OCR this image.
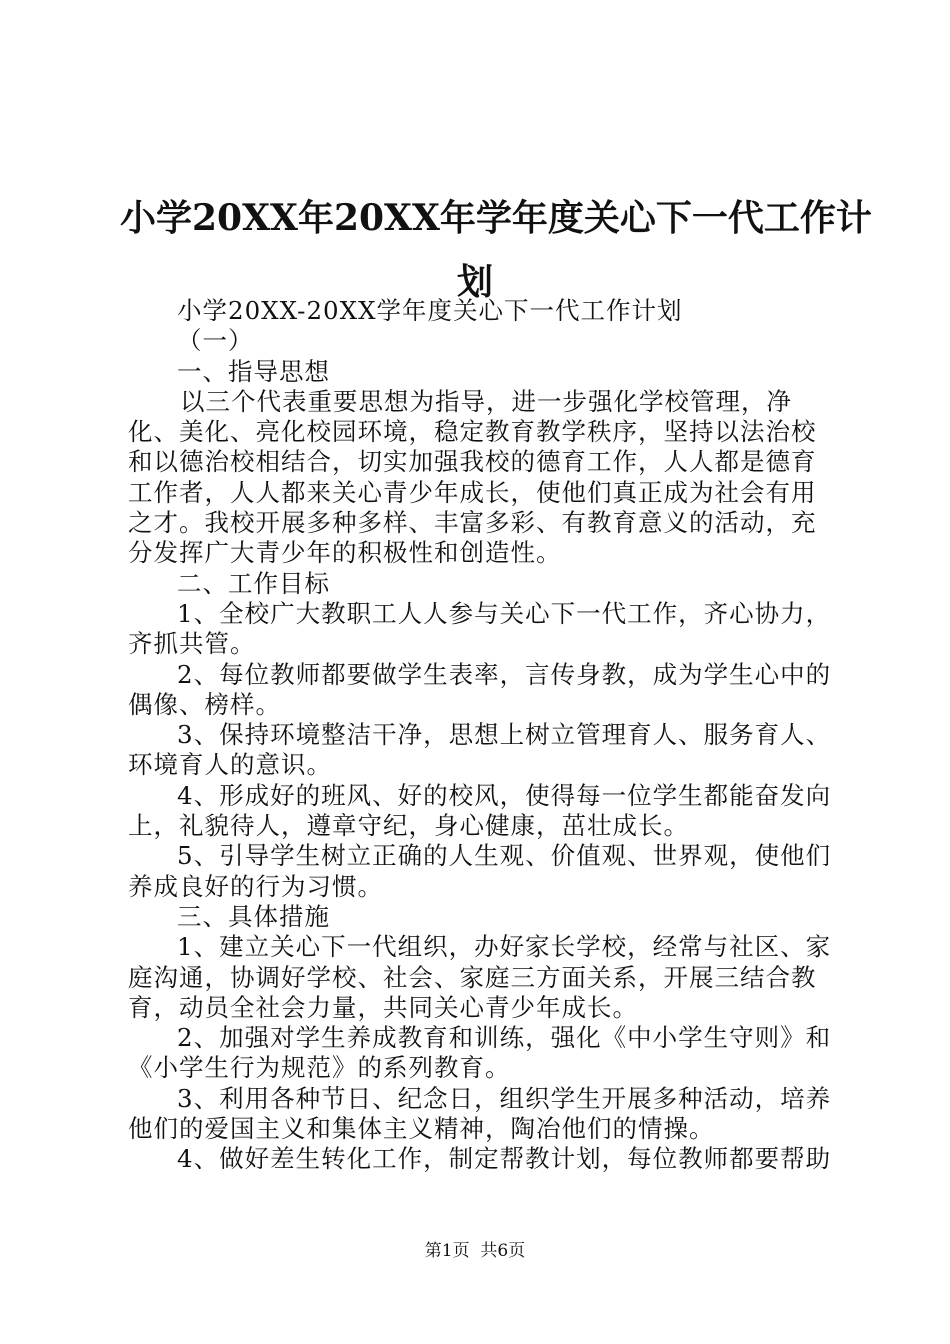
小学20XX年20XX年学年度关心下一代工作计
划

小学20XX-20XX学年度关心下一代工作计划

（一）

一、指导思想

以三个代表重要思想为指导，进一步强化学校管理，净化、美化、亮化校园环境，稳定教育教学秩序，坚持以法治校和以德治校相结合，切实加强我校的德育工作，人人都是德育工作者，人人都来关心青少年成长，使他们真正成为社会有用之才。我校开展多种多样、丰富多彩、有教育意义的活动，充分发挥广大青少年的积极性和创造性。

二、工作目标

1、全校广大教职工人人参与关心下一代工作，齐心协力，齐抓共管。

2、每位教师都要做学生表率，言传身教，成为学生心中的偶像、榜样。

3、保持环境整洁干净，思想上树立管理育人、服务育人、环境育人的意识。

4、形成好的班风、好的校风，使得每一位学生都能奋发向上，礼貌待人，遵章守纪，身心健康，茁壮成长。

5、引导学生树立正确的人生观、价值观、世界观，使他们养成良好的行为习惯。

三、具体措施

1、建立关心下一代组织，办好家长学校，经常与社区、家庭沟通，协调好学校、社会、家庭三方面关系，开展三结合教育，动员全社会力量，共同关心青少年成长。

2、加强对学生养成教育和训练，强化《中小学生守则》和《小学生行为规范》的系列教育。

3、利用各种节日、纪念日，组织学生开展多种活动，培养他们的爱国主义和集体主义精神，陶冶他们的情操。

4、做好差生转化工作，制定帮教计划，每位教师都要帮助

第1页 共6页
